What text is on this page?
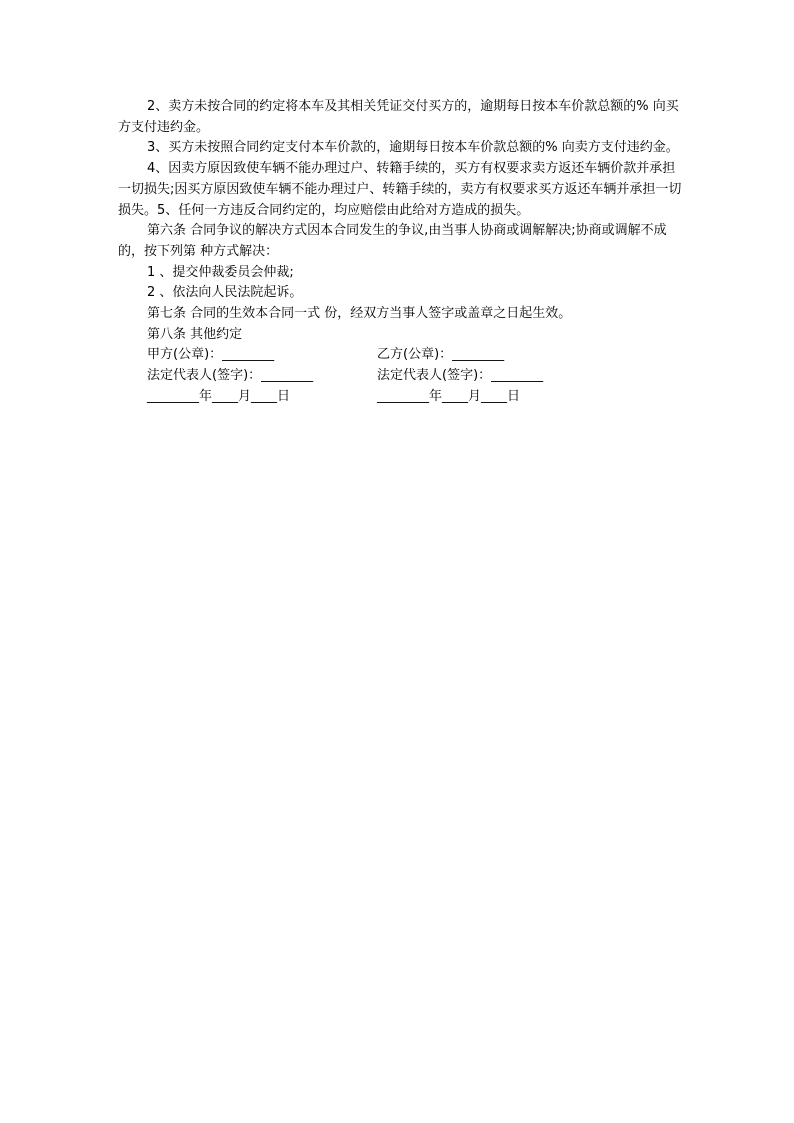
2、卖方未按合同的约定将本车及其相关凭证交付买方的，逾期每日按本车价款总额的% 向买方支付违约金。

3、买方未按照合同约定支付本车价款的，逾期每日按本车价款总额的% 向卖方支付违约金。

4、因卖方原因致使车辆不能办理过户、转籍手续的，买方有权要求卖方返还车辆价款并承担一切损失;因买方原因致使车辆不能办理过户、转籍手续的，卖方有权要求买方返还车辆并承担一切损失。5、任何一方违反合同约定的，均应赔偿由此给对方造成的损失。

第六条 合同争议的解决方式因本合同发生的争议,由当事人协商或调解解决;协商或调解不成的，按下列第 种方式解决：

1 、提交仲裁委员会仲裁;

2 、依法向人民法院起诉。

第七条 合同的生效本合同一式 份，经双方当事人签字或盖章之日起生效。

第八条 其他约定

甲方(公章)：________	乙方(公章)：________
法定代表人(签字)：________	法定代表人(签字)：________
________年____月____日	________年____月____日
